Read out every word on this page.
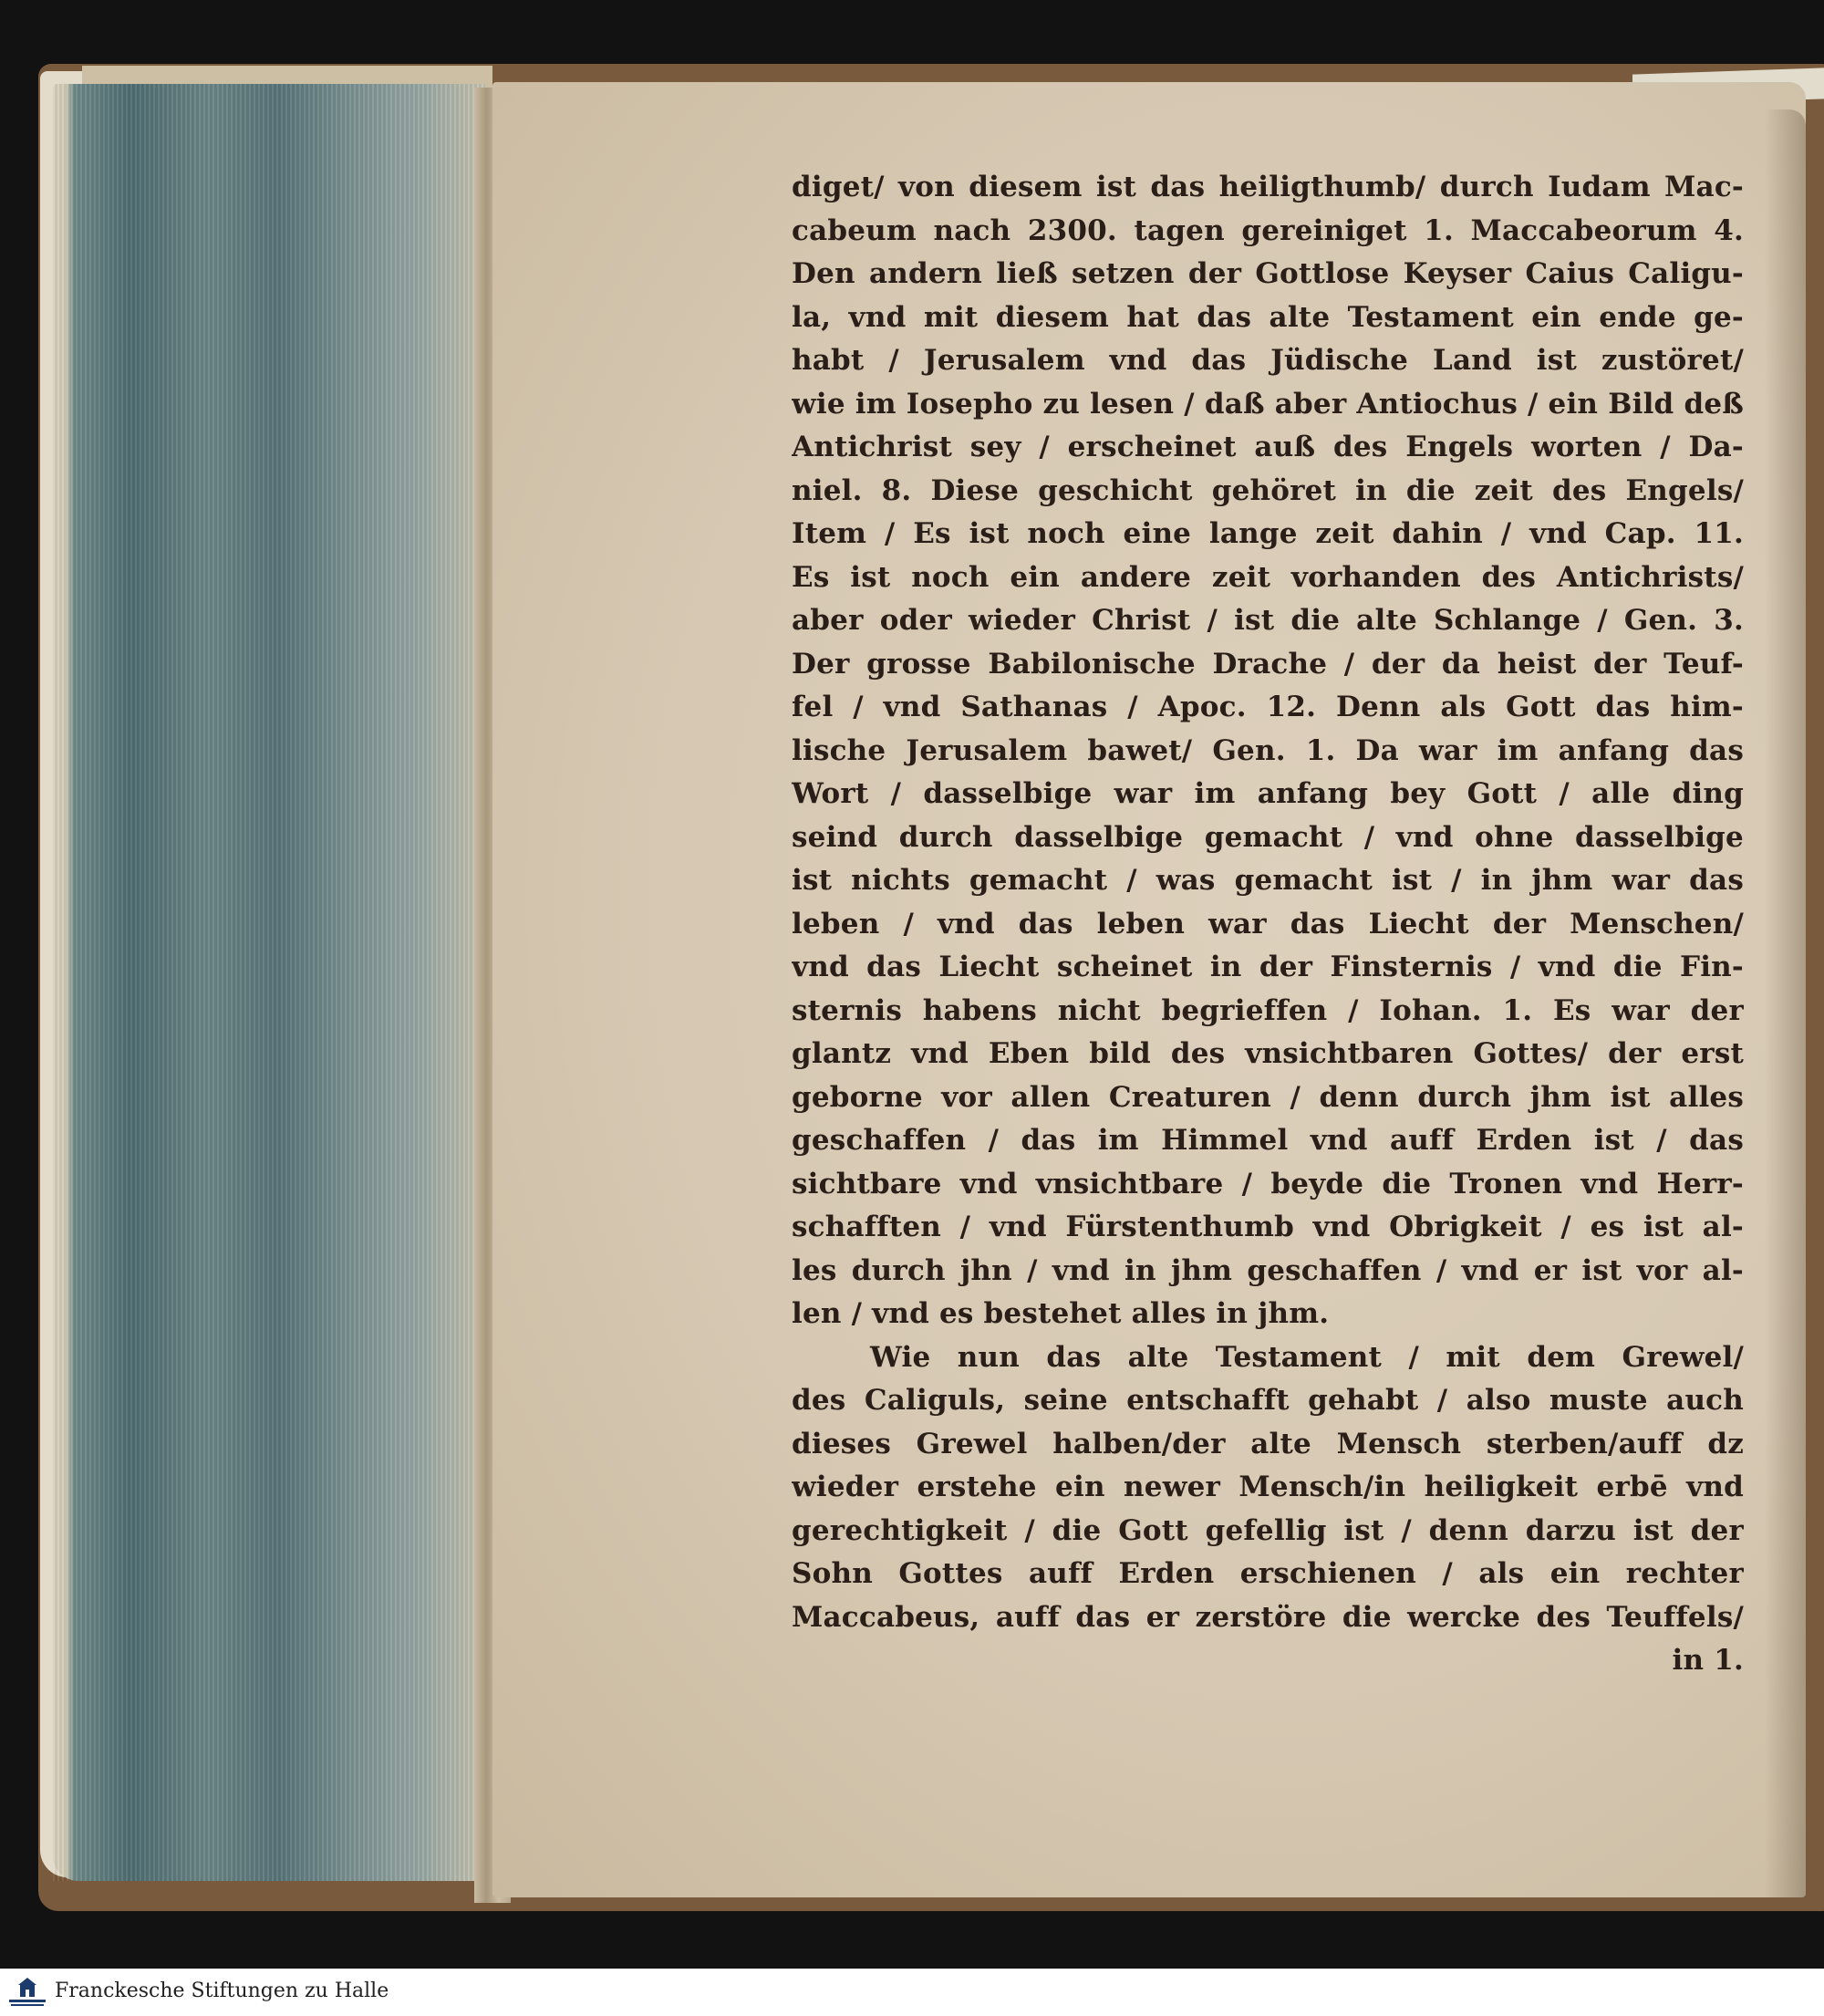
diget/ von diesem ist das heiligthumb/ durch Iudam Mac-
cabeum nach 2300. tagen gereiniget 1. Maccabeorum 4.
Den andern ließ setzen der Gottlose Keyser Caius Caligu-
la, vnd mit diesem hat das alte Testament ein ende ge-
habt / Jerusalem vnd das Jüdische Land ist zustöret/
wie im Iosepho zu lesen / daß aber Antiochus / ein Bild deß
Antichrist sey / erscheinet auß des Engels worten / Da-
niel. 8. Diese geschicht gehöret in die zeit des Engels/
Item / Es ist noch eine lange zeit dahin / vnd Cap. 11.
Es ist noch ein andere zeit vorhanden des Antichrists/
aber oder wieder Christ / ist die alte Schlange / Gen. 3.
Der grosse Babilonische Drache / der da heist der Teuf-
fel / vnd Sathanas / Apoc. 12. Denn als Gott das him-
lische Jerusalem bawet/ Gen. 1. Da war im anfang das
Wort / dasselbige war im anfang bey Gott / alle ding
seind durch dasselbige gemacht / vnd ohne dasselbige
ist nichts gemacht / was gemacht ist / in jhm war das
leben / vnd das leben war das Liecht der Menschen/
vnd das Liecht scheinet in der Finsternis / vnd die Fin-
sternis habens nicht begrieffen / Iohan. 1. Es war der
glantz vnd Eben bild des vnsichtbaren Gottes/ der erst
geborne vor allen Creaturen / denn durch jhm ist alles
geschaffen / das im Himmel vnd auff Erden ist / das
sichtbare vnd vnsichtbare / beyde die Tronen vnd Herr-
schafften / vnd Fürstenthumb vnd Obrigkeit / es ist al-
les durch jhn / vnd in jhm geschaffen / vnd er ist vor al-
len / vnd es bestehet alles in jhm.
Wie nun das alte Testament / mit dem Grewel/
des Caliguls, seine entschafft gehabt / also muste auch
dieses Grewel halben/der alte Mensch sterben/auff dz
wieder erstehe ein newer Mensch/in heiligkeit erbē vnd
gerechtigkeit / die Gott gefellig ist / denn darzu ist der
Sohn Gottes auff Erden erschienen / als ein rechter
Maccabeus, auff das er zerstöre die wercke des Teuffels/
in 1.
Franckesche Stiftungen zu Halle
